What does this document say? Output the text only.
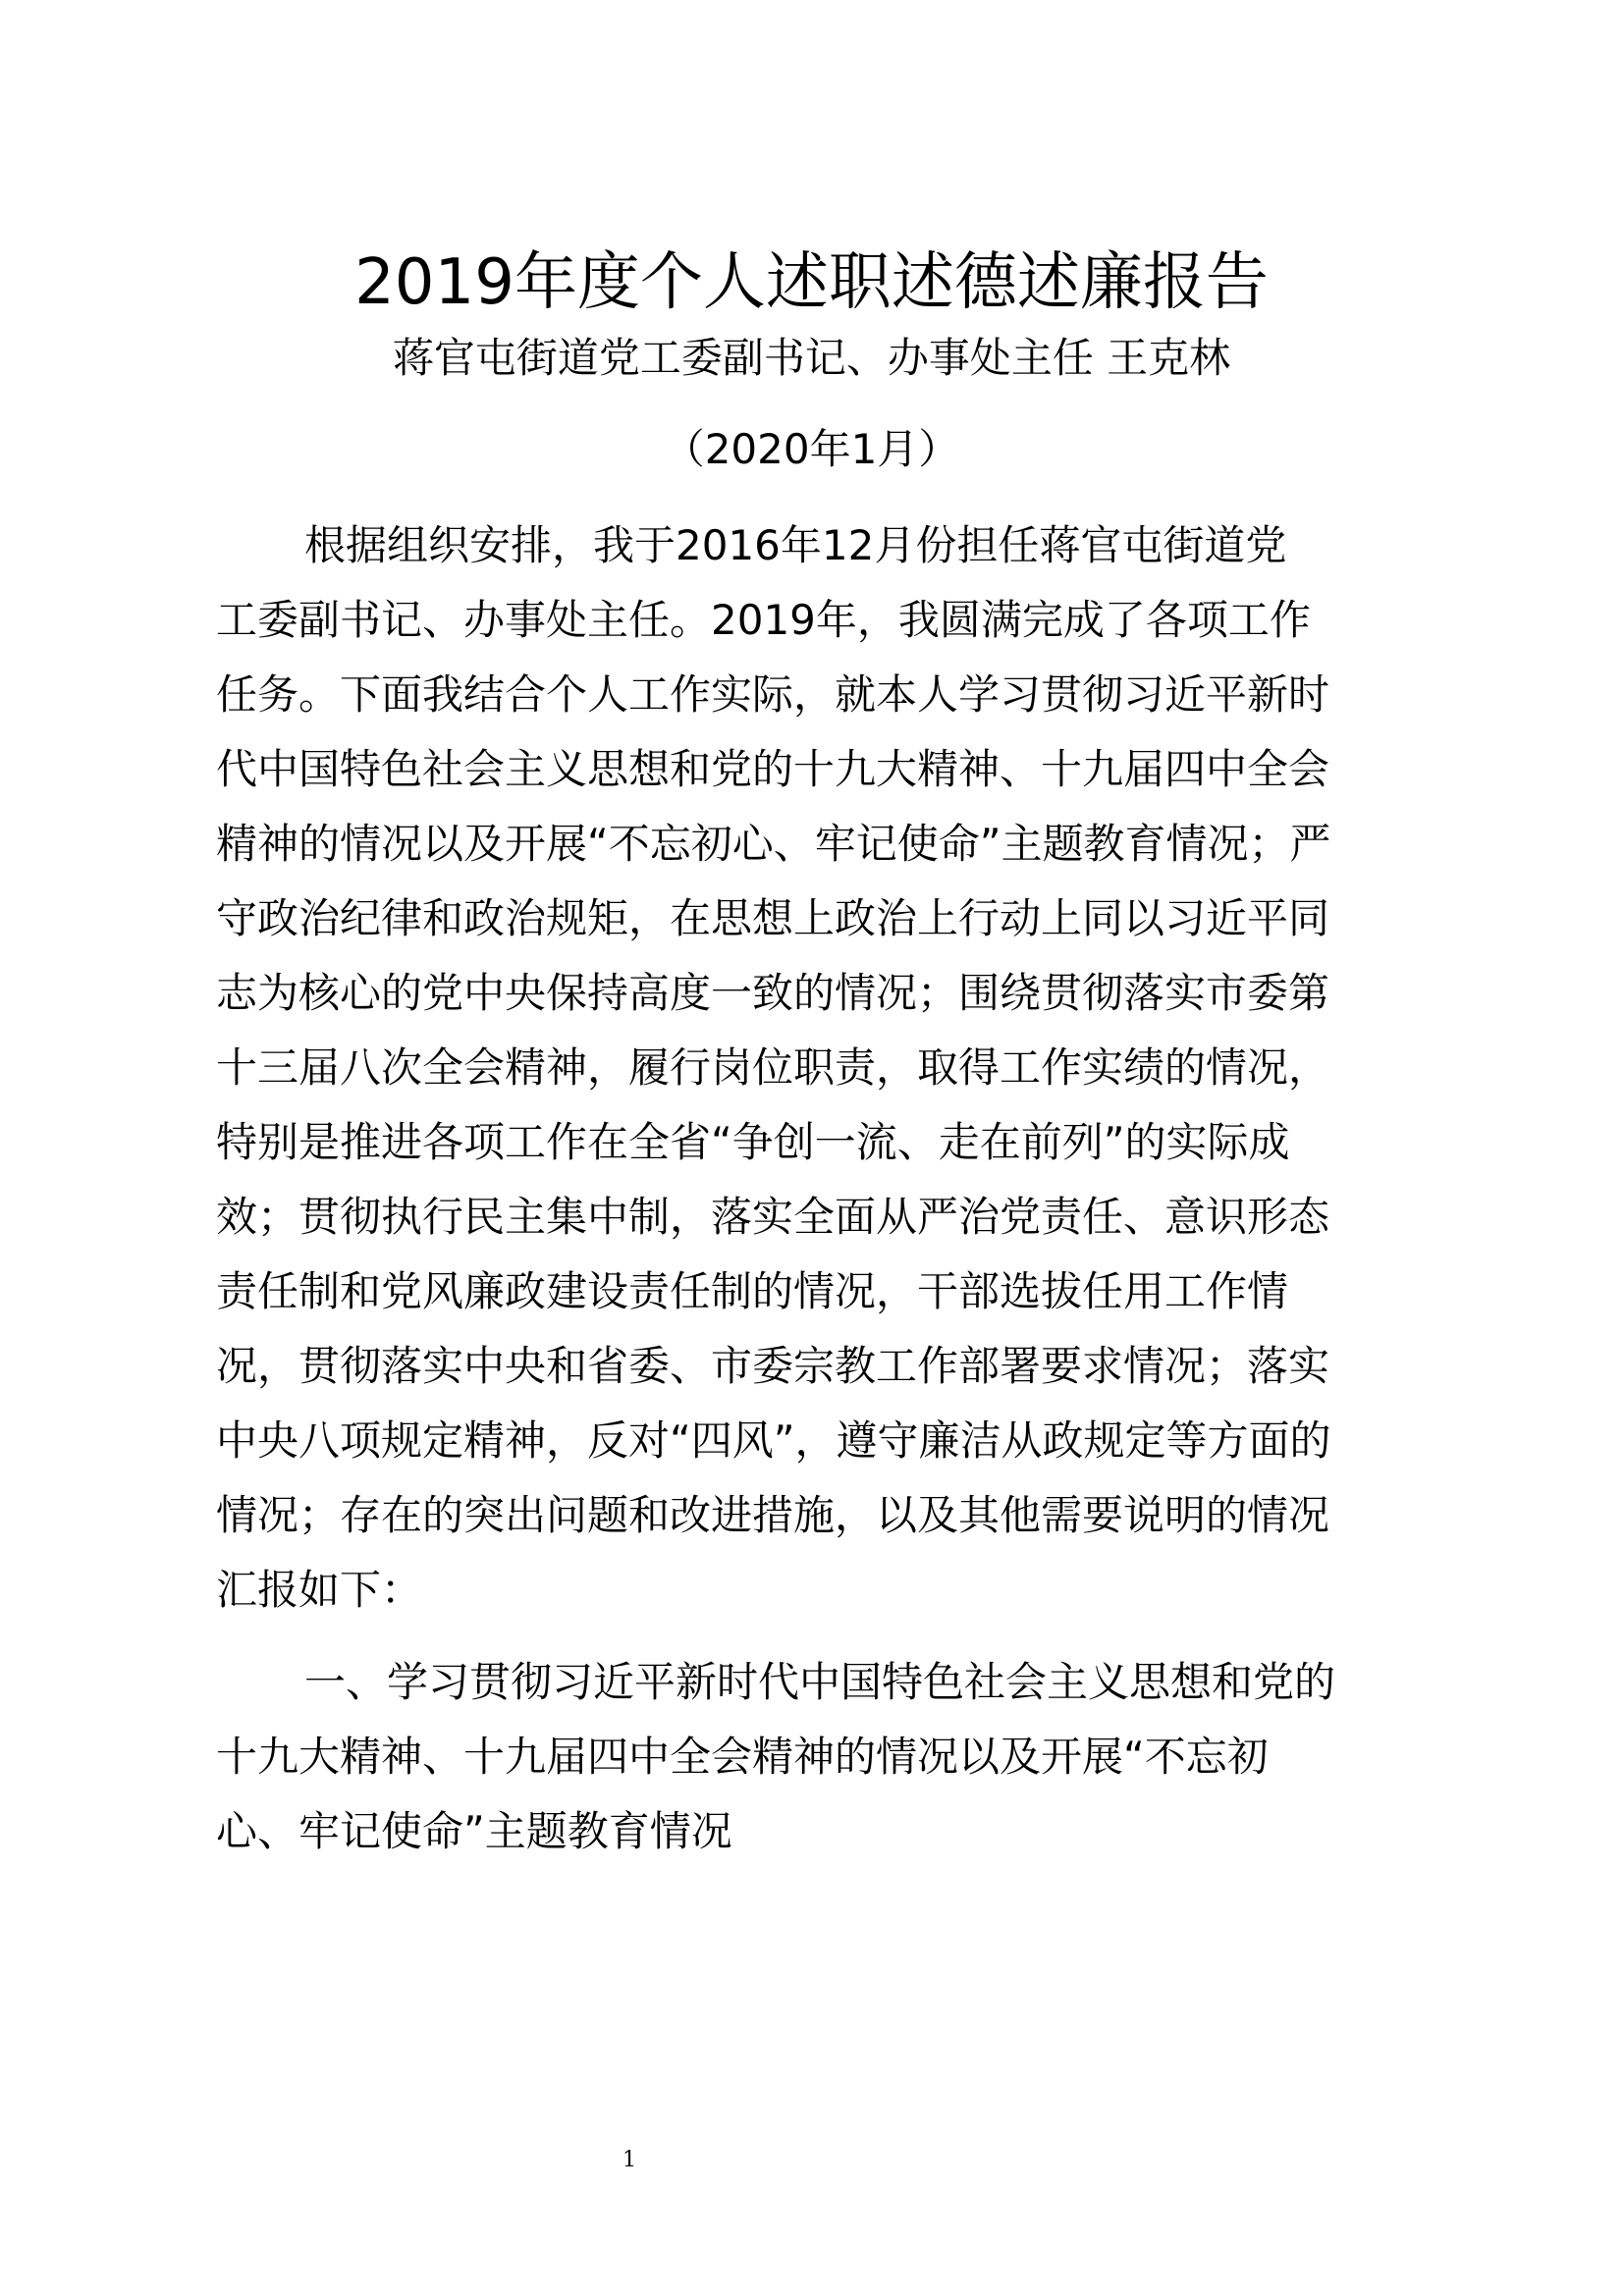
2019年度个人述职述德述廉报告

蒋官屯街道党工委副书记、办事处主任 王克林

（2020年1月）

根据组织安排，我于2016年12月份担任蒋官屯街道党

工委副书记、办事处主任。2019年，我圆满完成了各项工作

任务。下面我结合个人工作实际，就本人学习贯彻习近平新时

代中国特色社会主义思想和党的十九大精神、十九届四中全会

精神的情况以及开展“不忘初心、牢记使命”主题教育情况；严

守政治纪律和政治规矩，在思想上政治上行动上同以习近平同

志为核心的党中央保持高度一致的情况；围绕贯彻落实市委第

十三届八次全会精神，履行岗位职责，取得工作实绩的情况，

特别是推进各项工作在全省“争创一流、走在前列”的实际成

效；贯彻执行民主集中制，落实全面从严治党责任、意识形态

责任制和党风廉政建设责任制的情况，干部选拔任用工作情

况，贯彻落实中央和省委、市委宗教工作部署要求情况；落实

中央八项规定精神，反对“四风”，遵守廉洁从政规定等方面的

情况；存在的突出问题和改进措施，以及其他需要说明的情况

汇报如下：

一、学习贯彻习近平新时代中国特色社会主义思想和党的

十九大精神、十九届四中全会精神的情况以及开展“不忘初

心、牢记使命”主题教育情况

1
